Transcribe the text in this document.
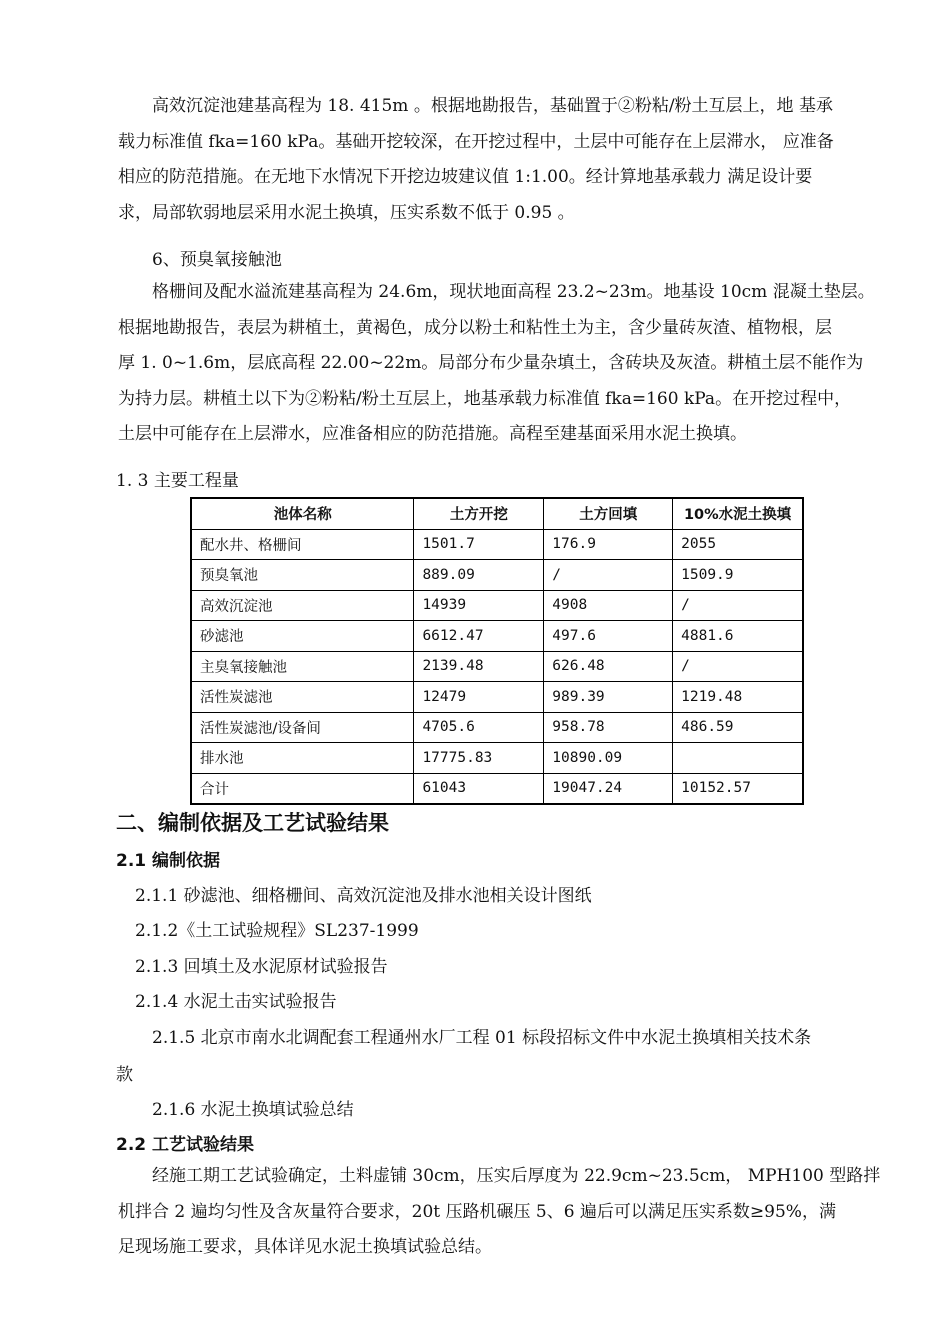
高效沉淀池建基高程为 18. 415m 。根据地勘报告，基础置于②粉粘/粉土互层上，地 基承
载力标准值 fka=160 kPa。基础开挖较深，在开挖过程中，土层中可能存在上层滞水， 应准备
相应的防范措施。在无地下水情况下开挖边坡建议值 1:1.00。经计算地基承载力 满足设计要
求，局部软弱地层采用水泥土换填，压实系数不低于 0.95 。
6、预臭氧接触池
格栅间及配水溢流建基高程为 24.6m，现状地面高程 23.2~23m。地基设 10cm 混凝土垫层。
根据地勘报告，表层为耕植土，黄褐色，成分以粉土和粘性土为主，含少量砖灰渣、植物根，层
厚 1. 0~1.6m，层底高程 22.00~22m。局部分布少量杂填土，含砖块及灰渣。耕植土层不能作为
为持力层。耕植土以下为②粉粘/粉土互层上，地基承载力标准值 fka=160 kPa。在开挖过程中，
土层中可能存在上层滞水，应准备相应的防范措施。高程至建基面采用水泥土换填。
1. 3 主要工程量
池体名称	土方开挖	土方回填	10%水泥土换填
配水井、格栅间	1501.7	176.9	2055
预臭氧池	889.09	/	1509.9
高效沉淀池	14939	4908	/
砂滤池	6612.47	497.6	4881.6
主臭氧接触池	2139.48	626.48	/
活性炭滤池	12479	989.39	1219.48
活性炭滤池/设备间	4705.6	958.78	486.59
排水池	17775.83	10890.09	
合计	61043	19047.24	10152.57
二、编制依据及工艺试验结果
2.1 编制依据
2.1.1 砂滤池、细格栅间、高效沉淀池及排水池相关设计图纸
2.1.2《土工试验规程》SL237-1999
2.1.3 回填土及水泥原材试验报告
2.1.4 水泥土击实试验报告
2.1.5 北京市南水北调配套工程通州水厂工程 01 标段招标文件中水泥土换填相关技术条
款
2.1.6 水泥土换填试验总结
2.2 工艺试验结果
经施工期工艺试验确定，土料虚铺 30cm，压实后厚度为 22.9cm~23.5cm， MPH100 型路拌
机拌合 2 遍均匀性及含灰量符合要求，20t 压路机碾压 5、6 遍后可以满足压实系数≥95%，满
足现场施工要求，具体详见水泥土换填试验总结。
